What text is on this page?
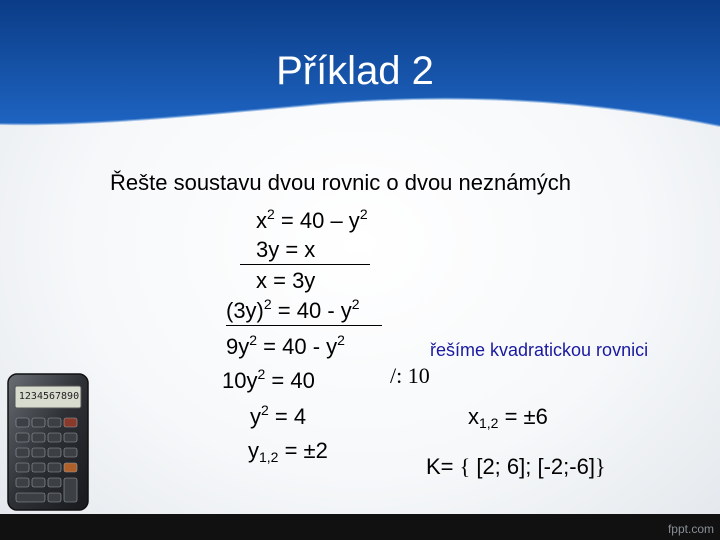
Příklad 2
Řešte soustavu dvou rovnic o dvou neznámých
$x^2 = 40 - y^2$
3y = x
x = 3y
$(3y)^2 = 40 - y^2$
$9y^2 = 40 - y^2$	řešíme kvadratickou rovnici
$10y^2 = 40$	/: 10
$y^2 = 4$	$x_{1,2} = \pm 6$
$y_{1,2} = \pm 2$
K= { [2; 6]; [-2;-6]}
1234567890
fppt.com
